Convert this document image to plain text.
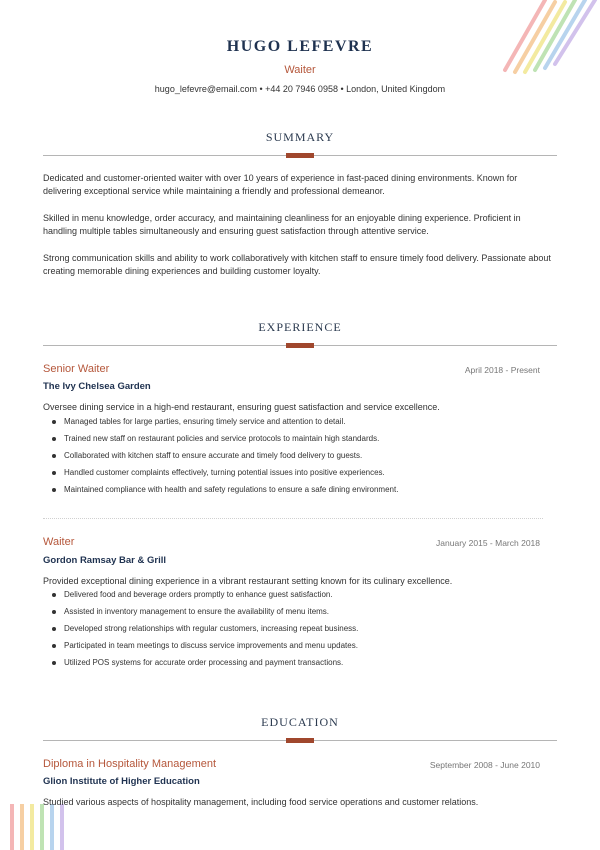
HUGO LEFEVRE
Waiter
hugo_lefevre@email.com • +44 20 7946 0958 • London, United Kingdom
SUMMARY

Dedicated and customer-oriented waiter with over 10 years of experience in fast-paced dining environments. Known for delivering exceptional service while maintaining a friendly and professional demeanor.

Skilled in menu knowledge, order accuracy, and maintaining cleanliness for an enjoyable dining experience. Proficient in handling multiple tables simultaneously and ensuring guest satisfaction through attentive service.

Strong communication skills and ability to work collaboratively with kitchen staff to ensure timely food delivery. Passionate about creating memorable dining experiences and building customer loyalty.

EXPERIENCE
Senior Waiter	April 2018 - Present
The Ivy Chelsea Garden

Oversee dining service in a high-end restaurant, ensuring guest satisfaction and service excellence.

Managed tables for large parties, ensuring timely service and attention to detail.
Trained new staff on restaurant policies and service protocols to maintain high standards.
Collaborated with kitchen staff to ensure accurate and timely food delivery to guests.
Handled customer complaints effectively, turning potential issues into positive experiences.
Maintained compliance with health and safety regulations to ensure a safe dining environment.
Waiter	January 2015 - March 2018
Gordon Ramsay Bar & Grill

Provided exceptional dining experience in a vibrant restaurant setting known for its culinary excellence.

Delivered food and beverage orders promptly to enhance guest satisfaction.
Assisted in inventory management to ensure the availability of menu items.
Developed strong relationships with regular customers, increasing repeat business.
Participated in team meetings to discuss service improvements and menu updates.
Utilized POS systems for accurate order processing and payment transactions.
EDUCATION
Diploma in Hospitality Management	September 2008 - June 2010
Glion Institute of Higher Education

Studied various aspects of hospitality management, including food service operations and customer relations.
